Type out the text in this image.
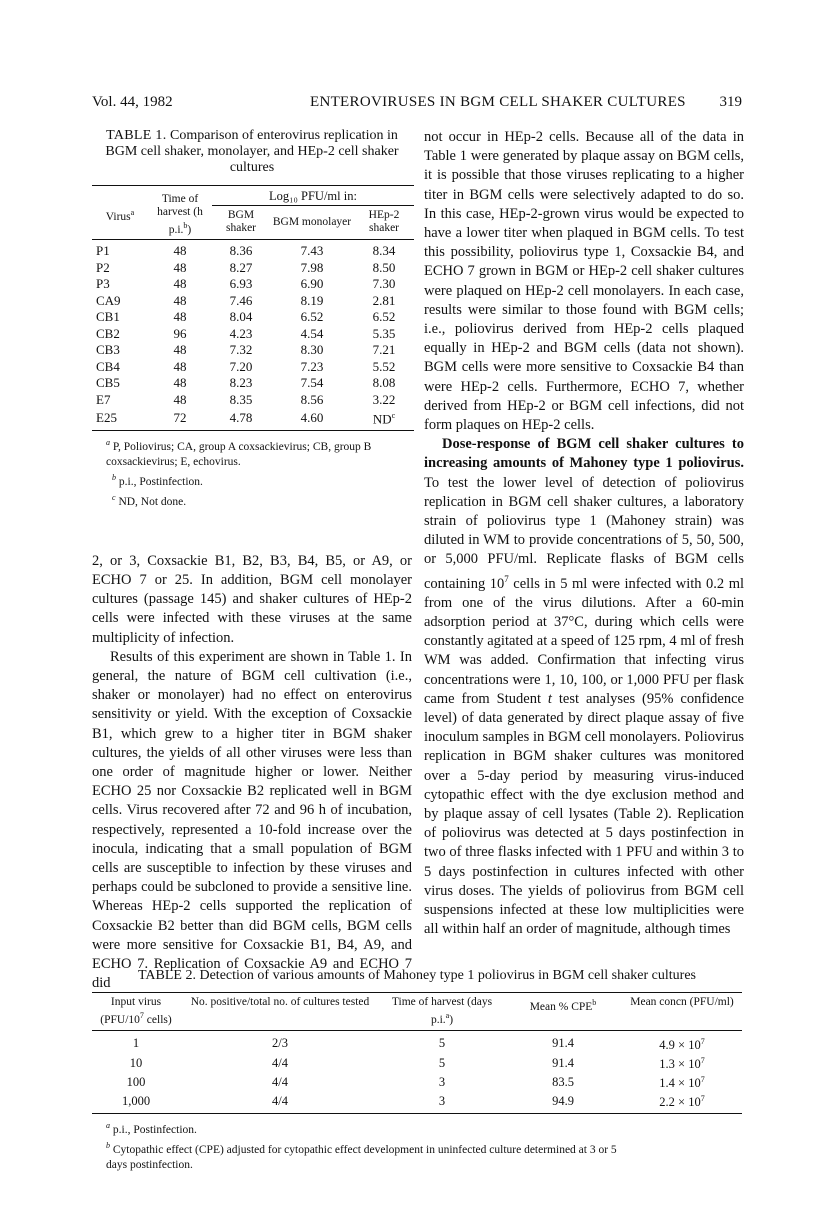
Vol. 44, 1982	ENTEROVIRUSES IN BGM CELL SHAKER CULTURES 319

TABLE 1. Comparison of enterovirus replication in BGM cell shaker, monolayer, and HEp-2 cell shaker cultures

Virus$^a$	Time of harvest (h p.i.$^b$)	Log₁₀ PFU/ml in:		
		BGM shaker	BGM monolayer	HEp-2 shaker
P1	48	8.36	7.43	8.34
P2	48	8.27	7.98	8.50
P3	48	6.93	6.90	7.30
CA9	48	7.46	8.19	2.81
CB1	48	8.04	6.52	6.52
CB2	96	4.23	4.54	5.35
CB3	48	7.32	8.30	7.21
CB4	48	7.20	7.23	5.52
CB5	48	8.23	7.54	8.08
E7	48	8.35	8.56	3.22
E25	72	4.78	4.60	$ND^c$

$^a$ P, Poliovirus; CA, group A coxsackievirus; CB, group B coxsackievirus; E, echovirus.

$^b$ p.i., Postinfection.

$^c$ ND, Not done.

2, or 3, Coxsackie B1, B2, B3, B4, B5, or A9, or ECHO 7 or 25. In addition, BGM cell monolayer cultures (passage 145) and shaker cultures of HEp-2 cells were infected with these viruses at the same multiplicity of infection.

Results of this experiment are shown in Table 1. In general, the nature of BGM cell cultivation (i.e., shaker or monolayer) had no effect on enterovirus sensitivity or yield. With the exception of Coxsackie B1, which grew to a higher titer in BGM shaker cultures, the yields of all other viruses were less than one order of magnitude higher or lower. Neither ECHO 25 nor Coxsackie B2 replicated well in BGM cells. Virus recovered after 72 and 96 h of incubation, respectively, represented a 10-fold increase over the inocula, indicating that a small population of BGM cells are susceptible to infection by these viruses and perhaps could be subcloned to provide a sensitive line. Whereas HEp-2 cells supported the replication of Coxsackie B2 better than did BGM cells, BGM cells were more sensitive for Coxsackie B1, B4, A9, and ECHO 7. Replication of Coxsackie A9 and ECHO 7 did

not occur in HEp-2 cells. Because all of the data in Table 1 were generated by plaque assay on BGM cells, it is possible that those viruses replicating to a higher titer in BGM cells were selectively adapted to do so. In this case, HEp-2-grown virus would be expected to have a lower titer when plaqued in BGM cells. To test this possibility, poliovirus type 1, Coxsackie B4, and ECHO 7 grown in BGM or HEp-2 cell shaker cultures were plaqued on HEp-2 cell monolayers. In each case, results were similar to those found with BGM cells; i.e., poliovirus derived from HEp-2 cells plaqued equally in HEp-2 and BGM cells (data not shown). BGM cells were more sensitive to Coxsackie B4 than were HEp-2 cells. Furthermore, ECHO 7, whether derived from HEp-2 or BGM cell infections, did not form plaques on HEp-2 cells.

Dose-response of BGM cell shaker cultures to increasing amounts of Mahoney type 1 poliovirus. To test the lower level of detection of poliovirus replication in BGM cell shaker cultures, a laboratory strain of poliovirus type 1 (Mahoney strain) was diluted in WM to provide concentrations of 5, 50, 500, or 5,000 PFU/ml. Replicate flasks of BGM cells containing $10^7$ cells in 5 ml were infected with 0.2 ml from one of the virus dilutions. After a 60-min adsorption period at 37°C, during which cells were constantly agitated at a speed of 125 rpm, 4 ml of fresh WM was added. Confirmation that infecting virus concentrations were 1, 10, 100, or 1,000 PFU per flask came from Student t test analyses (95% confidence level) of data generated by direct plaque assay of five inoculum samples in BGM cell monolayers. Poliovirus replication in BGM shaker cultures was monitored over a 5-day period by measuring virus-induced cytopathic effect with the dye exclusion method and by plaque assay of cell lysates (Table 2). Replication of poliovirus was detected at 5 days postinfection in two of three flasks infected with 1 PFU and within 3 to 5 days postinfection in cultures infected with other virus doses. The yields of poliovirus from BGM cell suspensions infected at these low multiplicities were all within half an order of magnitude, although times

TABLE 2. Detection of various amounts of Mahoney type 1 poliovirus in BGM cell shaker cultures

Input virus ($PFU/10^7$ cells)	No. positive/total no. of cultures tested	Time of harvest (days p.i.$^a$)	Mean % CPE$^b$	Mean concn (PFU/ml)
1	2/3	5	91.4	$4.9 \times 10^7$
10	4/4	5	91.4	$1.3 \times 10^7$
100	4/4	3	83.5	$1.4 \times 10^7$
1,000	4/4	3	94.9	$2.2 \times 10^7$

$^a$ p.i., Postinfection.

$^b$ Cytopathic effect (CPE) adjusted for cytopathic effect development in uninfected culture determined at 3 or 5 days postinfection.
